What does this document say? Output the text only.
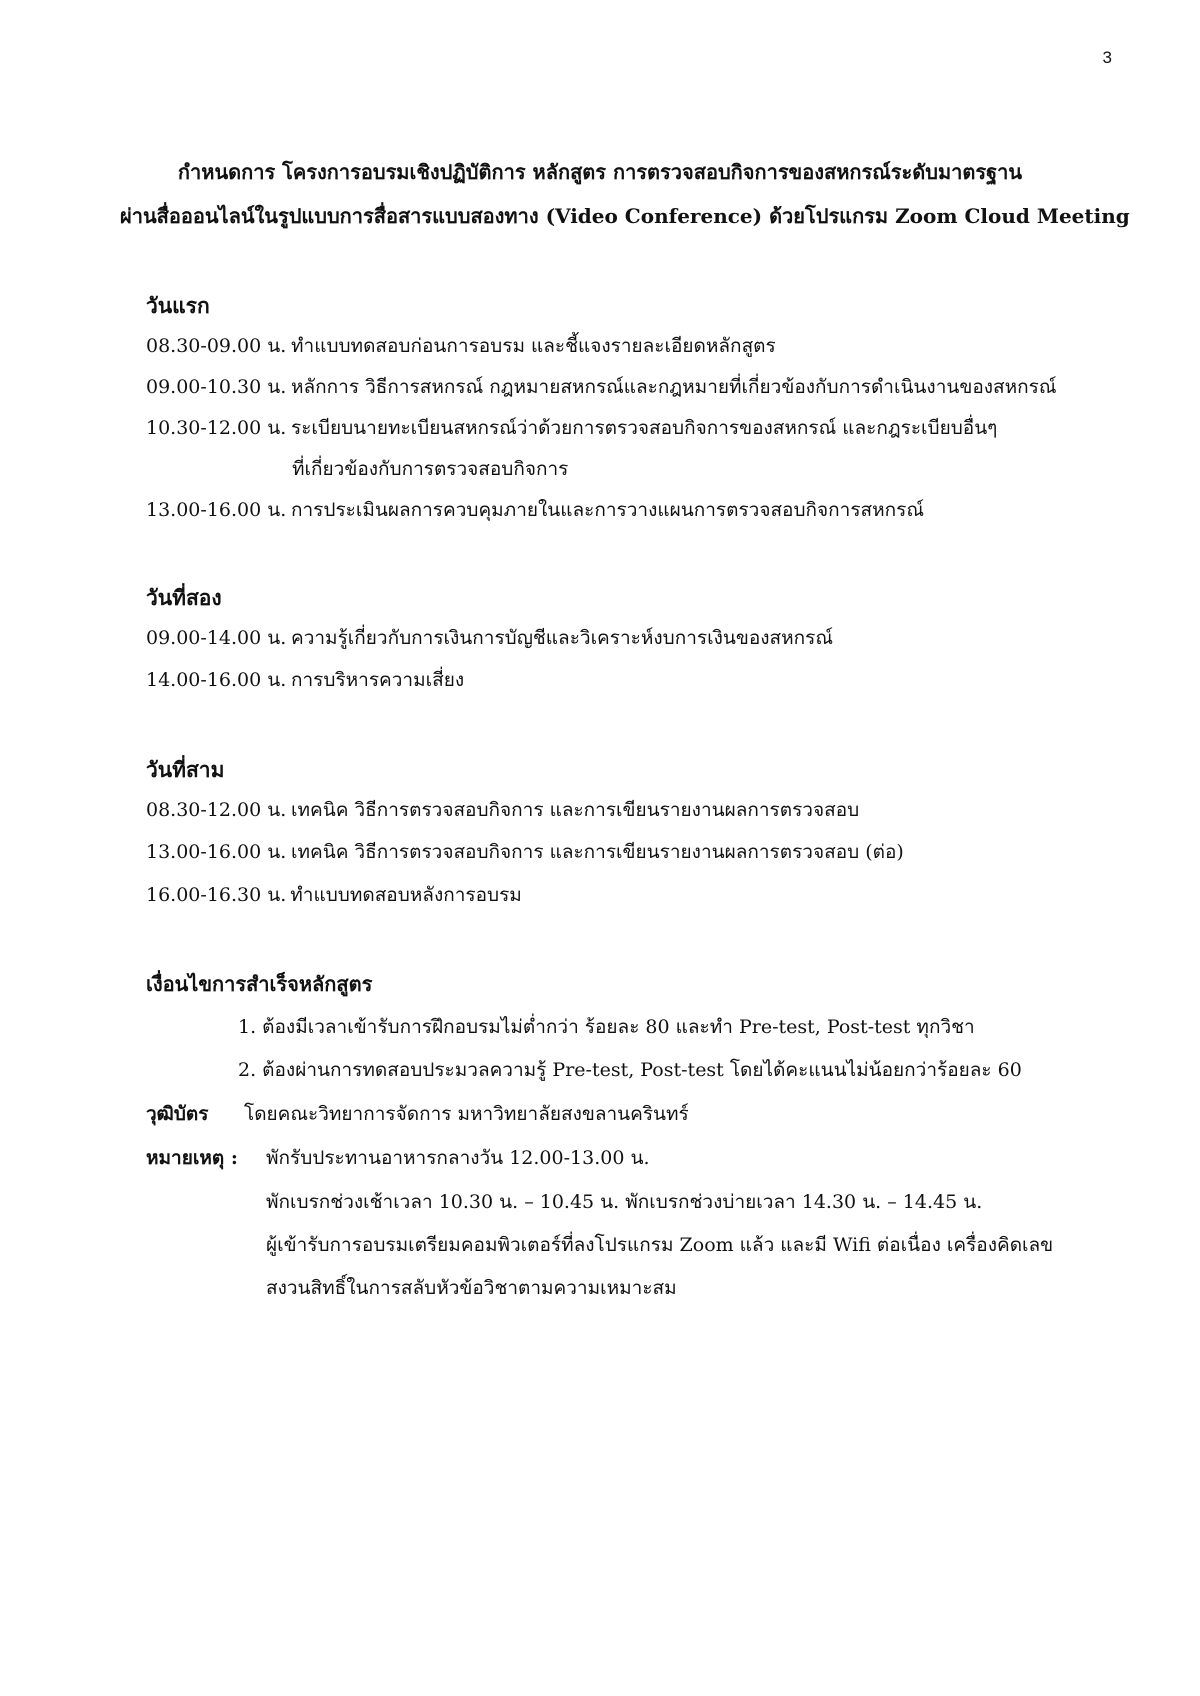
3
กำหนดการ โครงการอบรมเชิงปฏิบัติการ หลักสูตร การตรวจสอบกิจการของสหกรณ์ระดับมาตรฐาน
ผ่านสื่อออนไลน์ในรูปแบบการสื่อสารแบบสองทาง (Video Conference) ด้วยโปรแกรม Zoom Cloud Meeting
วันแรก
08.30-09.00 น. ทำแบบทดสอบก่อนการอบรม และชี้แจงรายละเอียดหลักสูตร
09.00-10.30 น. หลักการ วิธีการสหกรณ์ กฎหมายสหกรณ์และกฎหมายที่เกี่ยวข้องกับการดำเนินงานของสหกรณ์
10.30-12.00 น. ระเบียบนายทะเบียนสหกรณ์ว่าด้วยการตรวจสอบกิจการของสหกรณ์ และกฎระเบียบอื่นๆ
ที่เกี่ยวข้องกับการตรวจสอบกิจการ
13.00-16.00 น. การประเมินผลการควบคุมภายในและการวางแผนการตรวจสอบกิจการสหกรณ์
วันที่สอง
09.00-14.00 น. ความรู้เกี่ยวกับการเงินการบัญชีและวิเคราะห์งบการเงินของสหกรณ์
14.00-16.00 น. การบริหารความเสี่ยง
วันที่สาม
08.30-12.00 น. เทคนิค วิธีการตรวจสอบกิจการ และการเขียนรายงานผลการตรวจสอบ
13.00-16.00 น. เทคนิค วิธีการตรวจสอบกิจการ และการเขียนรายงานผลการตรวจสอบ (ต่อ)
16.00-16.30 น. ทำแบบทดสอบหลังการอบรม
เงื่อนไขการสำเร็จหลักสูตร
1. ต้องมีเวลาเข้ารับการฝึกอบรมไม่ต่ำกว่า ร้อยละ 80 และทำ Pre-test, Post-test ทุกวิชา
2. ต้องผ่านการทดสอบประมวลความรู้ Pre-test, Post-test โดยได้คะแนนไม่น้อยกว่าร้อยละ 60
วุฒิบัตร โดยคณะวิทยาการจัดการ มหาวิทยาลัยสงขลานครินทร์
หมายเหตุ : พักรับประทานอาหารกลางวัน 12.00-13.00 น.
พักเบรกช่วงเช้าเวลา 10.30 น. – 10.45 น. พักเบรกช่วงบ่ายเวลา 14.30 น. – 14.45 น.
ผู้เข้ารับการอบรมเตรียมคอมพิวเตอร์ที่ลงโปรแกรม Zoom แล้ว และมี Wifi ต่อเนื่อง เครื่องคิดเลข
สงวนสิทธิ์ในการสลับหัวข้อวิชาตามความเหมาะสม
